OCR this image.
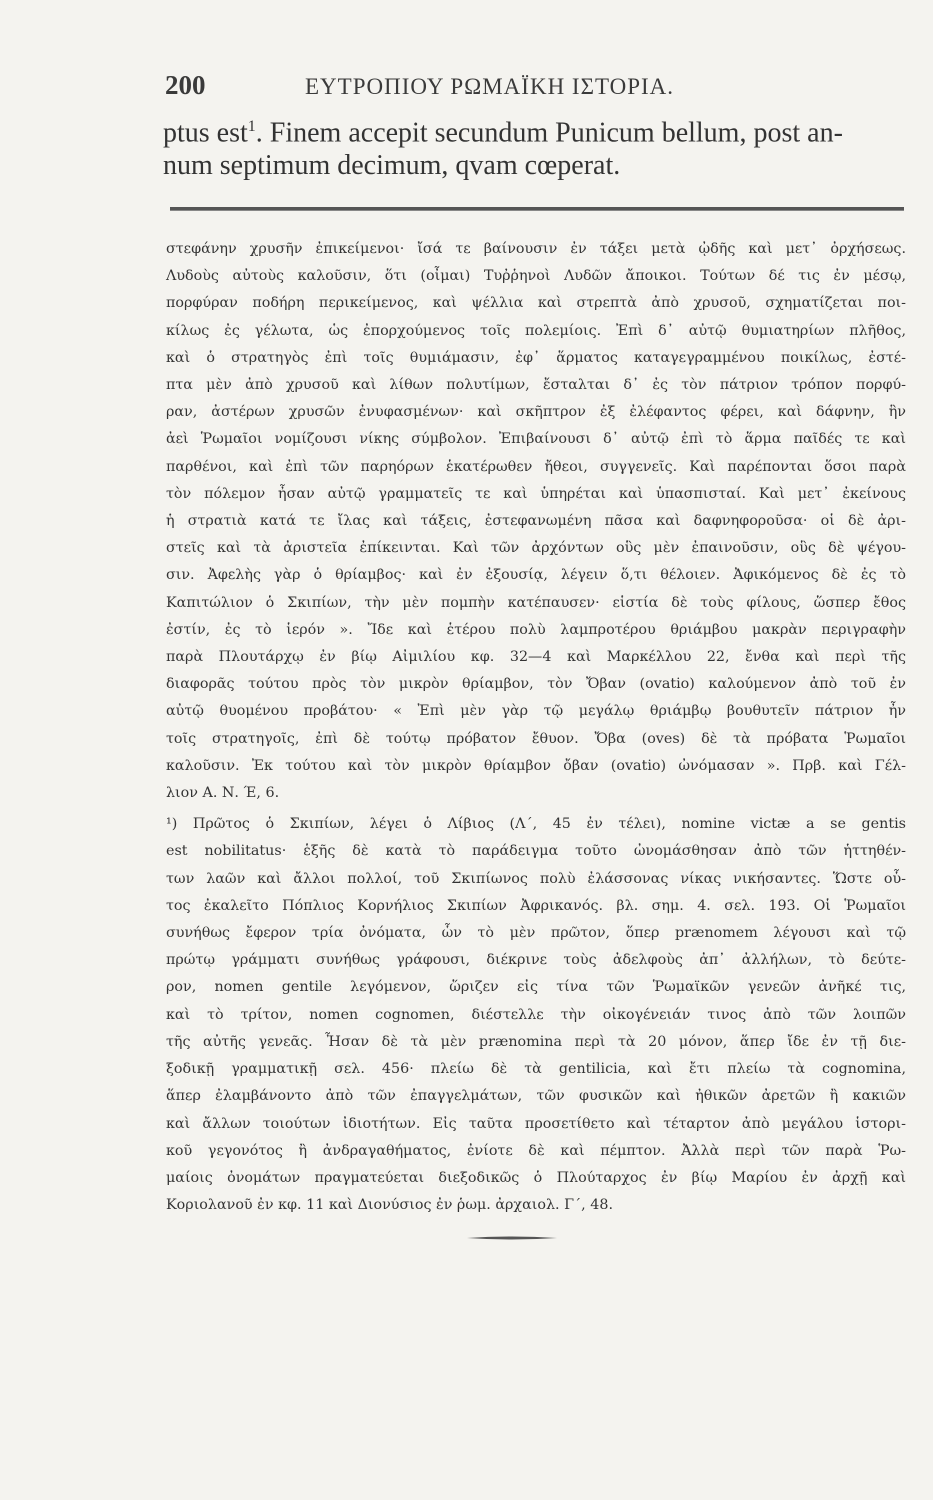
200	ΕΥΤΡΟΠΙΟΥ ΡΩΜΑΪΚΗ ΙΣΤΟΡΙΑ.
ptus est$^1$. Finem accepit secundum Punicum bellum, post an-
num septimum decimum, qvam cœperat.
στεφάνην χρυσῆν ἐπικείμενοι· ἴσά τε βαίνουσιν ἐν τάξει μετὰ ᾠδῆς καὶ μετ᾽ ὀρχήσεως.
Λυδοὺς αὐτοὺς καλοῦσιν, ὅτι (οἶμαι) Τυῤῥηνοὶ Λυδῶν ἄποικοι. Τούτων δέ τις ἐν μέσῳ,
πορφύραν ποδήρη περικείμενος, καὶ ψέλλια καὶ στρεπτὰ ἀπὸ χρυσοῦ, σχηματίζεται ποι-
κίλως ἐς γέλωτα, ὡς ἐπορχούμενος τοῖς πολεμίοις. Ἐπὶ δ᾽ αὐτῷ θυμιατηρίων πλῆθος,
καὶ ὁ στρατηγὸς ἐπὶ τοῖς θυμιάμασιν, ἐφ᾽ ἅρματος καταγεγραμμένου ποικίλως, ἐστέ-
πτα μὲν ἀπὸ χρυσοῦ καὶ λίθων πολυτίμων, ἔσταλται δ᾽ ἐς τὸν πάτριον τρόπον πορφύ-
ραν, ἀστέρων χρυσῶν ἐνυφασμένων· καὶ σκῆπτρον ἐξ ἐλέφαντος φέρει, καὶ δάφνην, ἣν
ἀεὶ Ῥωμαῖοι νομίζουσι νίκης σύμβολον. Ἐπιβαίνουσι δ᾽ αὐτῷ ἐπὶ τὸ ἅρμα παῖδές τε καὶ
παρθένοι, καὶ ἐπὶ τῶν παρηόρων ἑκατέρωθεν ἤθεοι, συγγενεῖς. Καὶ παρέπονται ὅσοι παρὰ
τὸν πόλεμον ἦσαν αὐτῷ γραμματεῖς τε καὶ ὑπηρέται καὶ ὑπασπισταί. Καὶ μετ᾽ ἐκείνους
ἡ στρατιὰ κατά τε ἴλας καὶ τάξεις, ἐστεφανωμένη πᾶσα καὶ δαφνηφοροῦσα· οἱ δὲ ἀρι-
στεῖς καὶ τὰ ἀριστεῖα ἐπίκεινται. Καὶ τῶν ἀρχόντων οὓς μὲν ἐπαινοῦσιν, οὓς δὲ ψέγου-
σιν. Ἀφελὴς γὰρ ὁ θρίαμβος· καὶ ἐν ἐξουσίᾳ, λέγειν ὅ,τι θέλοιεν. Ἀφικόμενος δὲ ἐς τὸ
Καπιτώλιον ὁ Σκιπίων, τὴν μὲν πομπὴν κατέπαυσεν· εἱστία δὲ τοὺς φίλους, ὥσπερ ἔθος
ἐστίν, ἐς τὸ ἱερόν ». Ἴδε καὶ ἑτέρου πολὺ λαμπροτέρου θριάμβου μακρὰν περιγραφὴν
παρὰ Πλουτάρχῳ ἐν βίῳ Αἰμιλίου κφ. 32—4 καὶ Μαρκέλλου 22, ἔνθα καὶ περὶ τῆς
διαφορᾶς τούτου πρὸς τὸν μικρὸν θρίαμβον, τὸν Ὄβαν (ovatio) καλούμενον ἀπὸ τοῦ ἐν
αὐτῷ θυομένου προβάτου· « Ἐπὶ μὲν γὰρ τῷ μεγάλῳ θριάμβῳ βουθυτεῖν πάτριον ἦν
τοῖς στρατηγοῖς, ἐπὶ δὲ τούτῳ πρόβατον ἔθυον. Ὄβα (oves) δὲ τὰ πρόβατα Ῥωμαῖοι
καλοῦσιν. Ἐκ τούτου καὶ τὸν μικρὸν θρίαμβον ὄβαν (ovatio) ὠνόμασαν ». Πρβ. καὶ Γέλ-
λιον Α. Ν. Έ, 6.
¹) Πρῶτος ὁ Σκιπίων, λέγει ὁ Λίβιος (Λ΄, 45 ἐν τέλει), nomine victæ a se gentis
est nobilitatus· ἑξῆς δὲ κατὰ τὸ παράδειγμα τοῦτο ὠνομάσθησαν ἀπὸ τῶν ἡττηθέν-
των λαῶν καὶ ἄλλοι πολλοί, τοῦ Σκιπίωνος πολὺ ἐλάσσονας νίκας νικήσαντες. Ὥστε οὗ-
τος ἐκαλεῖτο Πόπλιος Κορνήλιος Σκιπίων Ἀφρικανός. βλ. σημ. 4. σελ. 193. Οἱ Ῥωμαῖοι
συνήθως ἔφερον τρία ὀνόματα, ὧν τὸ μὲν πρῶτον, ὅπερ prænomem λέγουσι καὶ τῷ
πρώτῳ γράμματι συνήθως γράφουσι, διέκρινε τοὺς ἀδελφοὺς ἀπ᾽ ἀλλήλων, τὸ δεύτε-
ρον, nomen gentile λεγόμενον, ὥριζεν εἰς τίνα τῶν Ῥωμαϊκῶν γενεῶν ἀνῆκέ τις,
καὶ τὸ τρίτον, nomen cognomen, διέστελλε τὴν οἰκογένειάν τινος ἀπὸ τῶν λοιπῶν
τῆς αὐτῆς γενεᾶς. Ἦσαν δὲ τὰ μὲν prænomina περὶ τὰ 20 μόνον, ἅπερ ἴδε ἐν τῇ διε-
ξοδικῇ γραμματικῇ σελ. 456· πλείω δὲ τὰ gentilicia, καὶ ἔτι πλείω τὰ cognomina,
ἅπερ ἐλαμβάνοντο ἀπὸ τῶν ἐπαγγελμάτων, τῶν φυσικῶν καὶ ἠθικῶν ἀρετῶν ἢ κακιῶν
καὶ ἄλλων τοιούτων ἰδιοτήτων. Εἰς ταῦτα προσετίθετο καὶ τέταρτον ἀπὸ μεγάλου ἱστορι-
κοῦ γεγονότος ἢ ἀνδραγαθήματος, ἐνίοτε δὲ καὶ πέμπτον. Ἀλλὰ περὶ τῶν παρὰ Ῥω-
μαίοις ὀνομάτων πραγματεύεται διεξοδικῶς ὁ Πλούταρχος ἐν βίῳ Μαρίου ἐν ἀρχῇ καὶ
Κοριολανοῦ ἐν κφ. 11 καὶ Διονύσιος ἐν ῥωμ. ἀρχαιολ. Γ΄, 48.
